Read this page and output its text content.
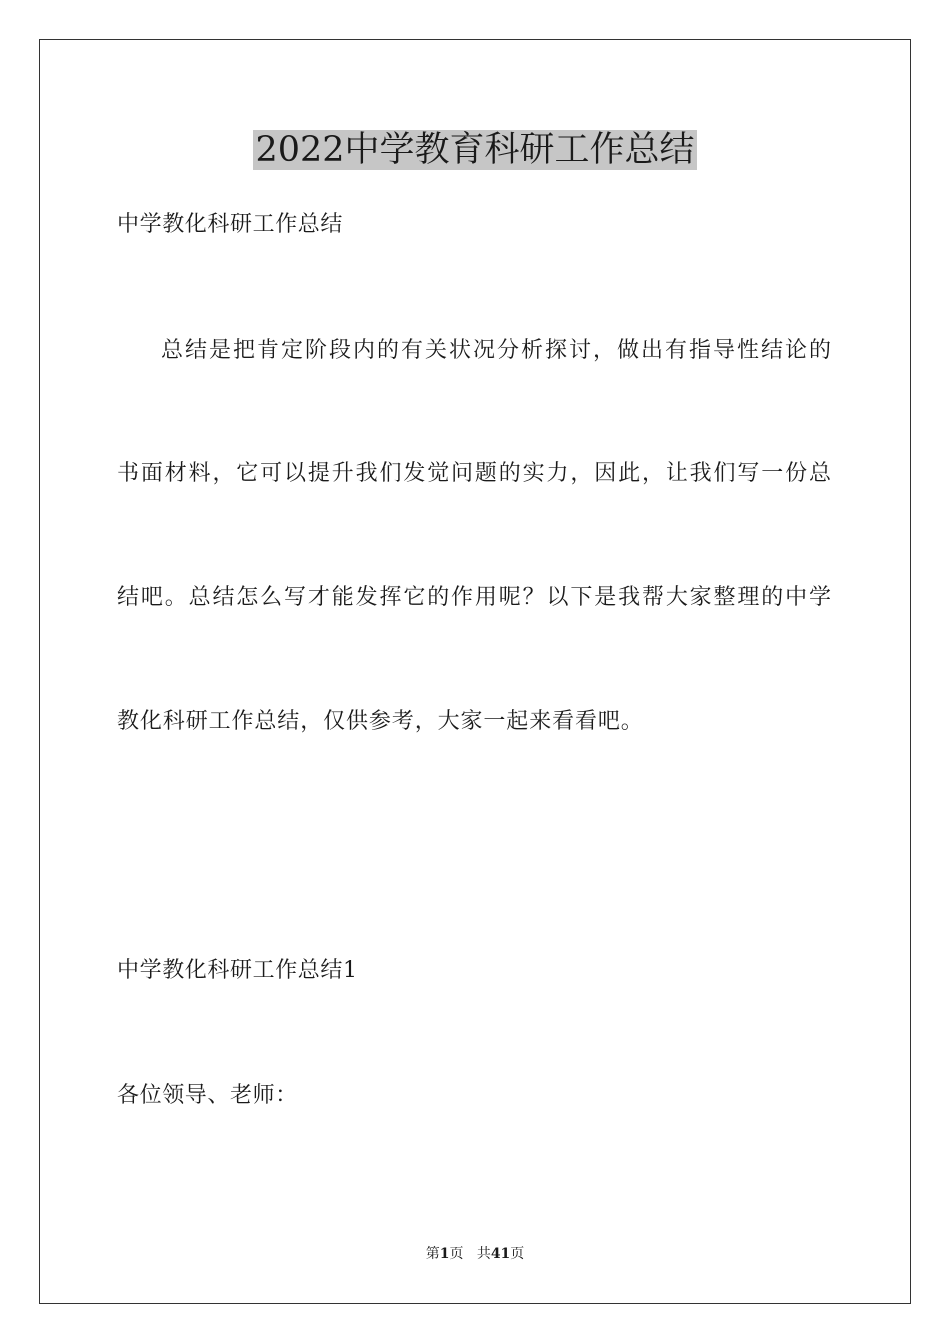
2022中学教育科研工作总结
中学教化科研工作总结
总结是把肯定阶段内的有关状况分析探讨，做出有指导性结论的
书面材料，它可以提升我们发觉问题的实力，因此，让我们写一份总
结吧。总结怎么写才能发挥它的作用呢？以下是我帮大家整理的中学
教化科研工作总结，仅供参考，大家一起来看看吧。
中学教化科研工作总结1
各位领导、老师：
第1页 共41页
